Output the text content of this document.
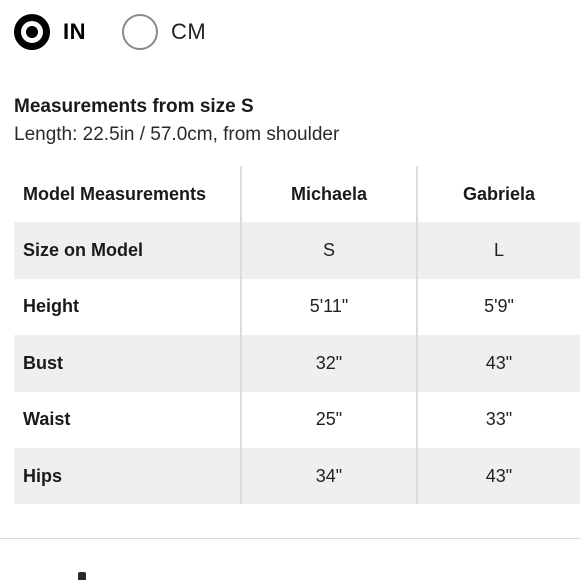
IN	CM
Measurements from size S
Length: 22.5in / 57.0cm, from shoulder
Model Measurements	Michaela	Gabriela
Size on Model	S	L
Height	5'11"	5'9"
Bust	32"	43"
Waist	25"	33"
Hips	34"	43"
